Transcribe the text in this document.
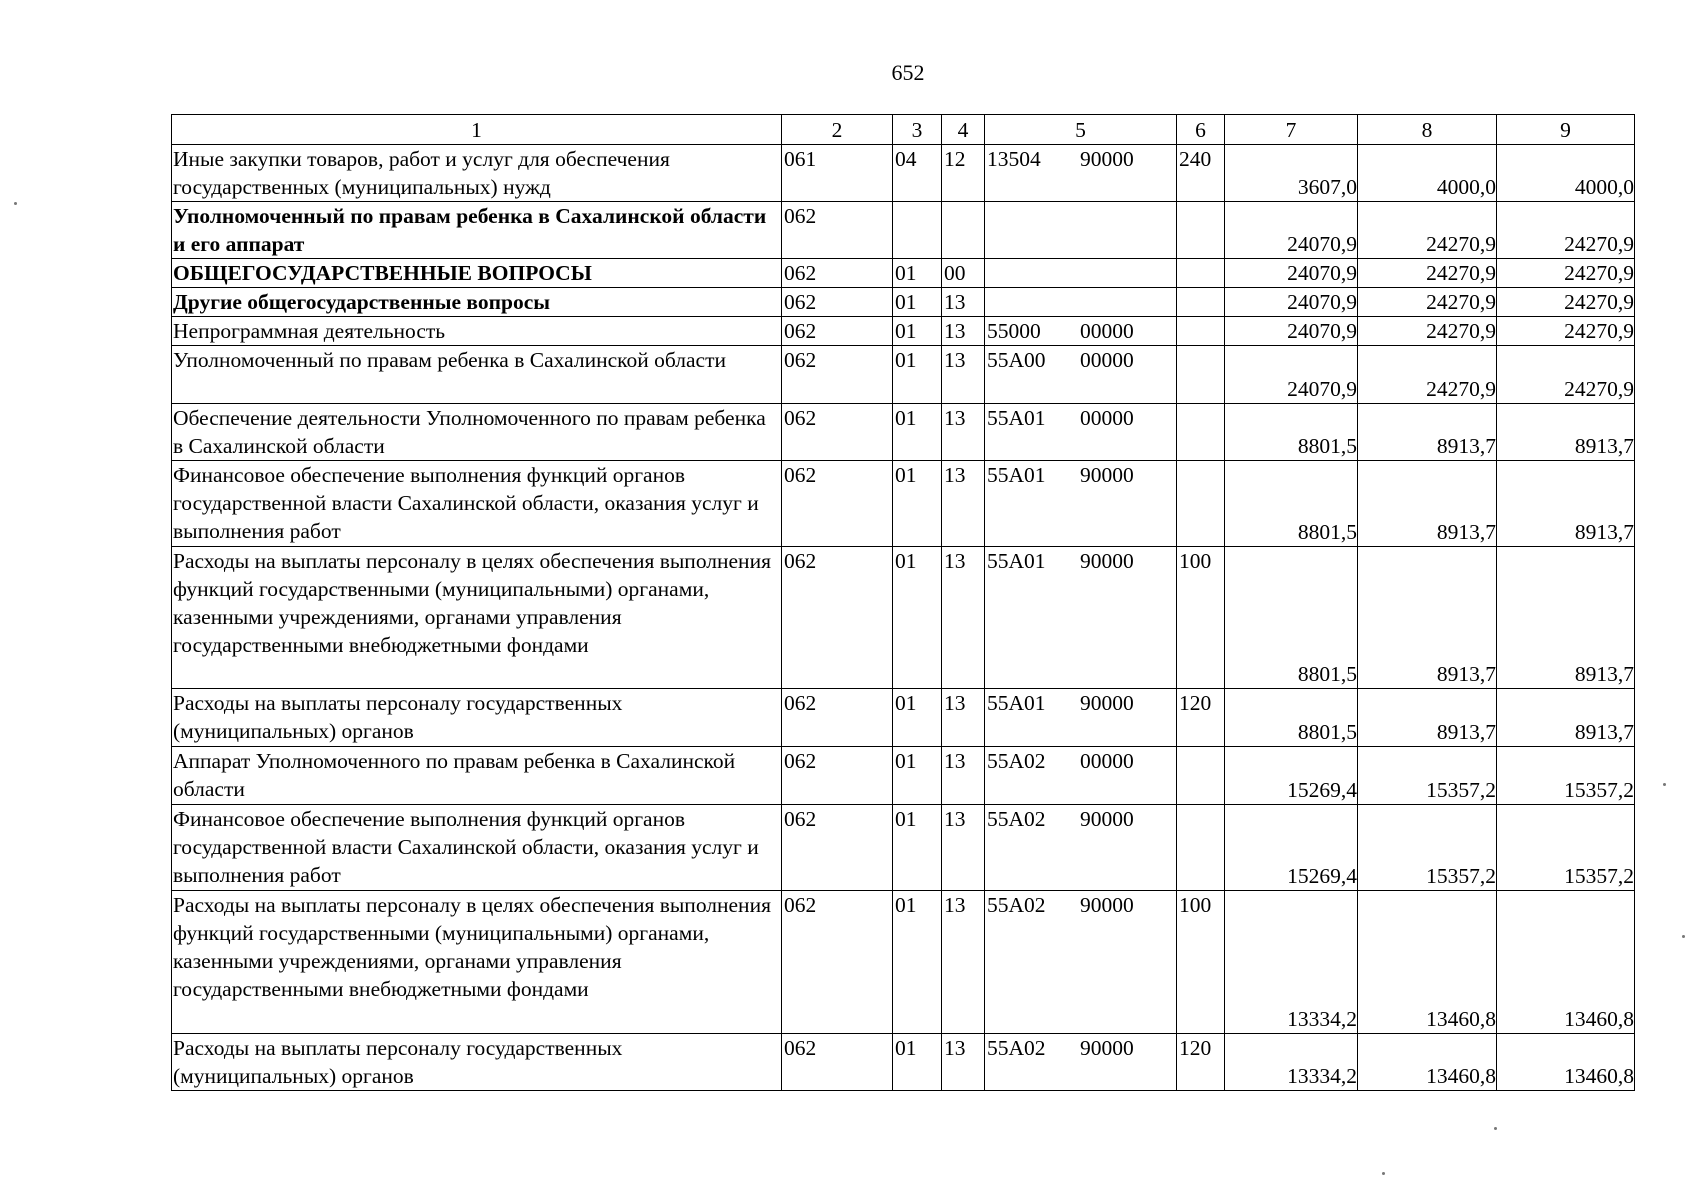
652
1	2	3	4	5	6	7	8	9
Иные закупки товаров, работ и услуг для обеспечения государственных (муниципальных) нужд	061	04	12	13504 90000	240	3607,0	4000,0	4000,0
Уполномоченный по правам ребенка в Сахалинской области и его аппарат	062					24070,9	24270,9	24270,9
ОБЩЕГОСУДАРСТВЕННЫЕ ВОПРОСЫ	062	01	00			24070,9	24270,9	24270,9
Другие общегосударственные вопросы	062	01	13			24070,9	24270,9	24270,9
Непрограммная деятельность	062	01	13	55000 00000		24070,9	24270,9	24270,9
Уполномоченный по правам ребенка в Сахалинской области	062	01	13	55А00 00000		24070,9	24270,9	24270,9
Обеспечение деятельности Уполномоченного по правам ребенка в Сахалинской области	062	01	13	55А01 00000		8801,5	8913,7	8913,7
Финансовое обеспечение выполнения функций органов государственной власти Сахалинской области, оказания услуг и выполнения работ	062	01	13	55А01 90000		8801,5	8913,7	8913,7
Расходы на выплаты персоналу в целях обеспечения выполнения функций государственными (муниципальными) органами, казенными учреждениями, органами управления государственными внебюджетными фондами	062	01	13	55А01 90000	100	8801,5	8913,7	8913,7
Расходы на выплаты персоналу государственных (муниципальных) органов	062	01	13	55А01 90000	120	8801,5	8913,7	8913,7
Аппарат Уполномоченного по правам ребенка в Сахалинской области	062	01	13	55А02 00000		15269,4	15357,2	15357,2
Финансовое обеспечение выполнения функций органов государственной власти Сахалинской области, оказания услуг и выполнения работ	062	01	13	55А02 90000		15269,4	15357,2	15357,2
Расходы на выплаты персоналу в целях обеспечения выполнения функций государственными (муниципальными) органами, казенными учреждениями, органами управления государственными внебюджетными фондами	062	01	13	55А02 90000	100	13334,2	13460,8	13460,8
Расходы на выплаты персоналу государственных (муниципальных) органов	062	01	13	55А02 90000	120	13334,2	13460,8	13460,8
